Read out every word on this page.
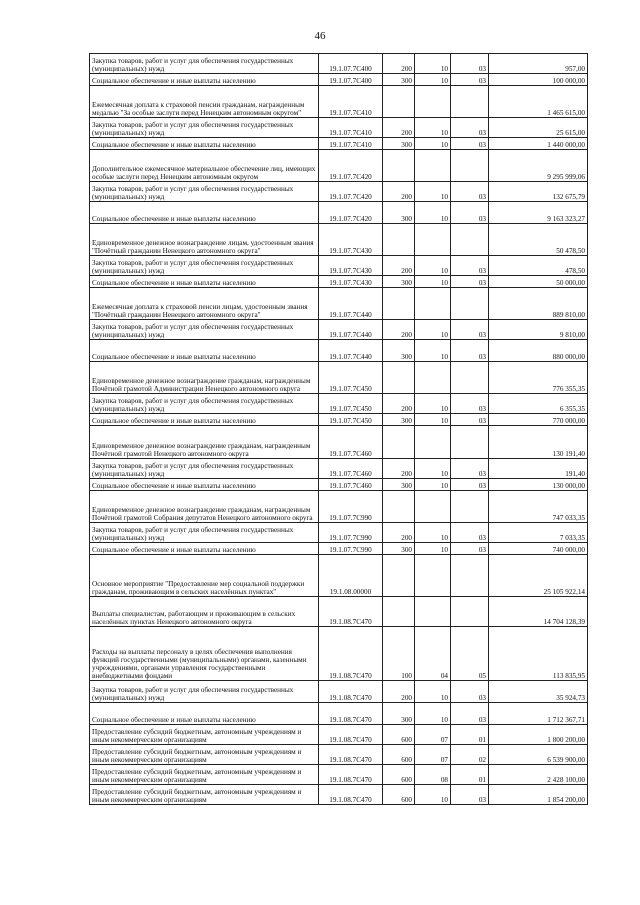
46
Закупка товаров, работ и услуг для обеспечения государственных (муниципальных) нужд	19.1.07.7С400	200	10	03	957,00
Социальное обеспечение и иные выплаты населению	19.1.07.7С400	300	10	03	100 000,00
Ежемесячная доплата к страховой пенсии гражданам, награжденным медалью "За особые заслуги перед Ненецким автономным округом"	19.1.07.7С410				1 465 615,00
Закупка товаров, работ и услуг для обеспечения государственных (муниципальных) нужд	19.1.07.7С410	200	10	03	25 615,00
Социальное обеспечение и иные выплаты населению	19.1.07.7С410	300	10	03	1 440 000,00
Дополнительное ежемесячное материальное обеспечение лиц, имеющих особые заслуги перед Ненецким автономным округом	19.1.07.7С420				9 295 999,06
Закупка товаров, работ и услуг для обеспечения государственных (муниципальных) нужд	19.1.07.7С420	200	10	03	132 675,79
Социальное обеспечение и иные выплаты населению	19.1.07.7С420	300	10	03	9 163 323,27
Единовременное денежное вознаграждение лицам, удостоенным звания "Почётный гражданин Ненецкого автономного округа"	19.1.07.7С430				50 478,50
Закупка товаров, работ и услуг для обеспечения государственных (муниципальных) нужд	19.1.07.7С430	200	10	03	478,50
Социальное обеспечение и иные выплаты населению	19.1.07.7С430	300	10	03	50 000,00
Ежемесячная доплата к страховой пенсии лицам, удостоенным звания "Почётный гражданин Ненецкого автономного округа"	19.1.07.7С440				889 810,00
Закупка товаров, работ и услуг для обеспечения государственных (муниципальных) нужд	19.1.07.7С440	200	10	03	9 810,00
Социальное обеспечение и иные выплаты населению	19.1.07.7С440	300	10	03	880 000,00
Единовременное денежное вознаграждение гражданам, награжденным Почётной грамотой Администрации Ненецкого автономного округа	19.1.07.7С450				776 355,35
Закупка товаров, работ и услуг для обеспечения государственных (муниципальных) нужд	19.1.07.7С450	200	10	03	6 355,35
Социальное обеспечение и иные выплаты населению	19.1.07.7С450	300	10	03	770 000,00
Единовременное денежное вознаграждение гражданам, награжденным Почётной грамотой Ненецкого автономного округа	19.1.07.7С460				130 191,40
Закупка товаров, работ и услуг для обеспечения государственных (муниципальных) нужд	19.1.07.7С460	200	10	03	191,40
Социальное обеспечение и иные выплаты населению	19.1.07.7С460	300	10	03	130 000,00
Единовременное денежное вознаграждение гражданам, награжденным Почётной грамотой Собрания депутатов Ненецкого автономного округа	19.1.07.7С990				747 033,35
Закупка товаров, работ и услуг для обеспечения государственных (муниципальных) нужд	19.1.07.7С990	200	10	03	7 033,35
Социальное обеспечение и иные выплаты населению	19.1.07.7С990	300	10	03	740 000,00
Основное мероприятие "Предоставление мер социальной поддержки гражданам, проживающим в сельских населённых пунктах"	19.1.08.00000				25 105 922,14
Выплаты специалистам, работающим и проживающим в сельских населённых пунктах Ненецкого автономного округа	19.1.08.7С470				14 704 128,39
Расходы на выплаты персоналу в целях обеспечения выполнения функций государственными (муниципальными) органами, казенными учреждениями, органами управления государственными внебюджетными фондами	19.1.08.7С470	100	04	05	113 835,95
Закупка товаров, работ и услуг для обеспечения государственных (муниципальных) нужд	19.1.08.7С470	200	10	03	35 924,73
Социальное обеспечение и иные выплаты населению	19.1.08.7С470	300	10	03	1 712 367,71
Предоставление субсидий бюджетным, автономным учреждениям и иным некоммерческим организациям	19.1.08.7С470	600	07	01	1 800 200,00
Предоставление субсидий бюджетным, автономным учреждениям и иным некоммерческим организациям	19.1.08.7С470	600	07	02	6 539 900,00
Предоставление субсидий бюджетным, автономным учреждениям и иным некоммерческим организациям	19.1.08.7С470	600	08	01	2 428 100,00
Предоставление субсидий бюджетным, автономным учреждениям и иным некоммерческим организациям	19.1.08.7С470	600	10	03	1 854 200,00
